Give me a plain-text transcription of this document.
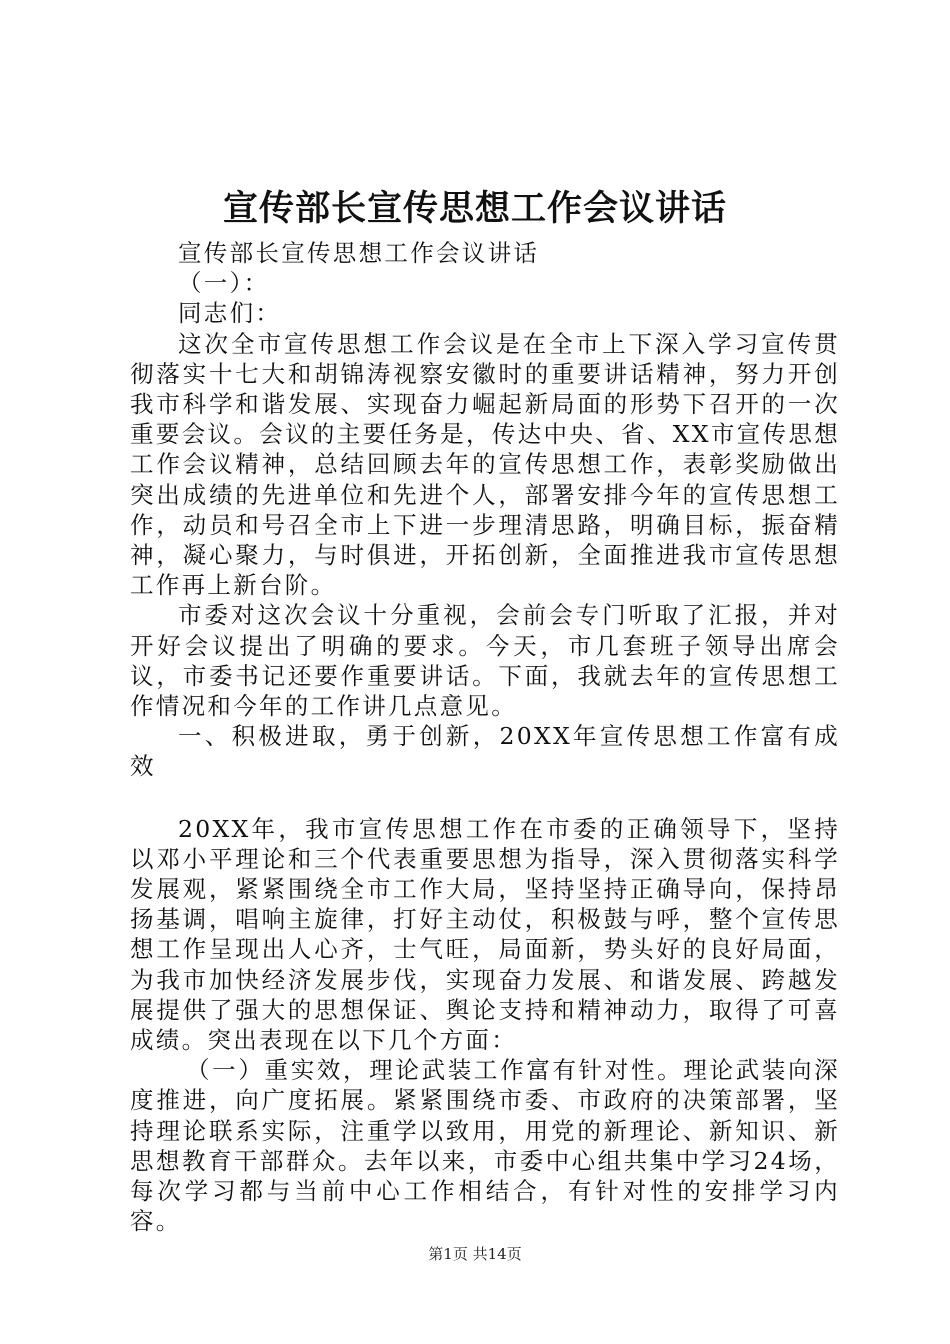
宣传部长宣传思想工作会议讲话

宣传部长宣传思想工作会议讲话

（一）：

同志们：

这次全市宣传思想工作会议是在全市上下深入学习宣传贯彻落实十七大和胡锦涛视察安徽时的重要讲话精神，努力开创我市科学和谐发展、实现奋力崛起新局面的形势下召开的一次重要会议。会议的主要任务是，传达中央、省、XX市宣传思想工作会议精神，总结回顾去年的宣传思想工作，表彰奖励做出突出成绩的先进单位和先进个人，部署安排今年的宣传思想工作，动员和号召全市上下进一步理清思路，明确目标，振奋精神，凝心聚力，与时俱进，开拓创新，全面推进我市宣传思想工作再上新台阶。

市委对这次会议十分重视，会前会专门听取了汇报，并对开好会议提出了明确的要求。今天，市几套班子领导出席会议，市委书记还要作重要讲话。下面，我就去年的宣传思想工作情况和今年的工作讲几点意见。

一、积极进取，勇于创新，20XX年宣传思想工作富有成效

20XX年，我市宣传思想工作在市委的正确领导下，坚持以邓小平理论和三个代表重要思想为指导，深入贯彻落实科学发展观，紧紧围绕全市工作大局，坚持坚持正确导向，保持昂扬基调，唱响主旋律，打好主动仗，积极鼓与呼，整个宣传思想工作呈现出人心齐，士气旺，局面新，势头好的良好局面，为我市加快经济发展步伐，实现奋力发展、和谐发展、跨越发展提供了强大的思想保证、舆论支持和精神动力，取得了可喜成绩。突出表现在以下几个方面：

（一）重实效，理论武装工作富有针对性。理论武装向深度推进，向广度拓展。紧紧围绕市委、市政府的决策部署，坚持理论联系实际，注重学以致用，用党的新理论、新知识、新思想教育干部群众。去年以来，市委中心组共集中学习24场，每次学习都与当前中心工作相结合，有针对性的安排学习内容。

第1页 共14页
